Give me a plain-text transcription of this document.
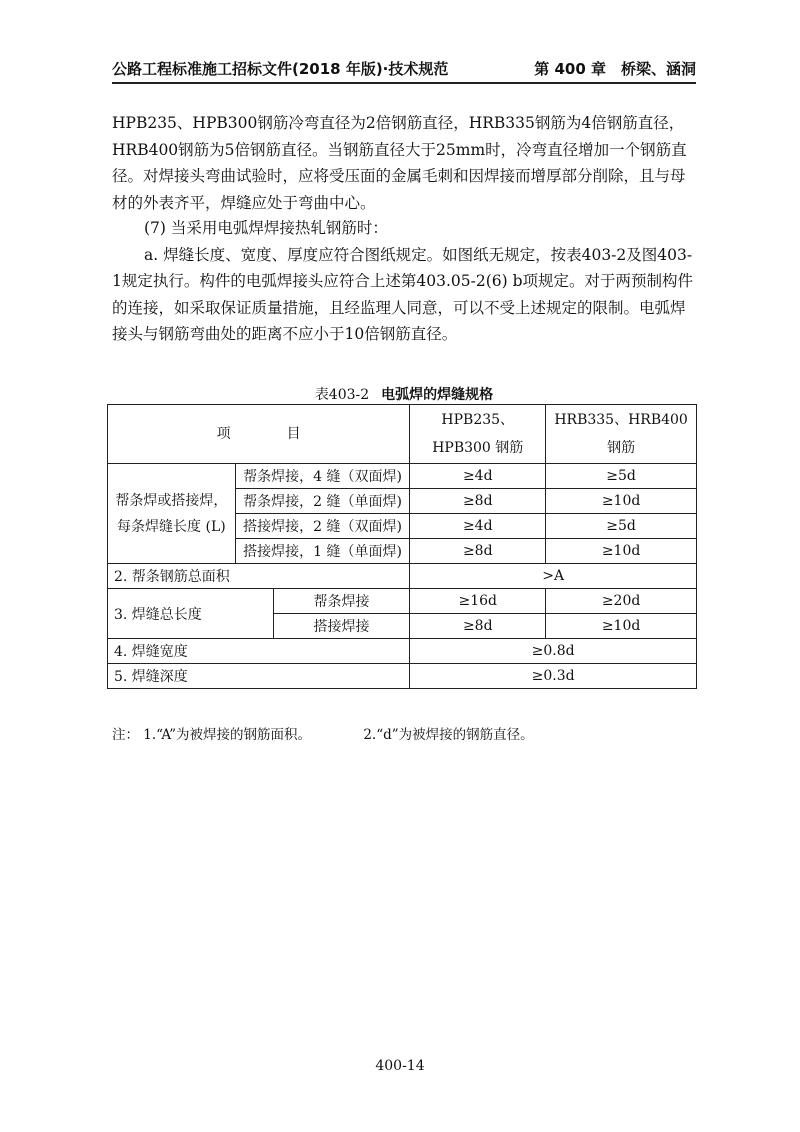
公路工程标准施工招标文件(2018 年版)·技术规范	第 400 章　桥梁、涵洞

HPB235、HPB300钢筋冷弯直径为2倍钢筋直径，HRB335钢筋为4倍钢筋直径，HRB400钢筋为5倍钢筋直径。当钢筋直径大于25mm时，冷弯直径增加一个钢筋直径。对焊接头弯曲试验时，应将受压面的金属毛刺和因焊接而增厚部分削除，且与母材的外表齐平，焊缝应处于弯曲中心。

(7) 当采用电弧焊焊接热轧钢筋时：

a. 焊缝长度、宽度、厚度应符合图纸规定。如图纸无规定，按表403-2及图403-1规定执行。构件的电弧焊接头应符合上述第403.05-2(6) b项规定。对于两预制构件的连接，如采取保证质量措施，且经监理人同意，可以不受上述规定的限制。电弧焊接头与钢筋弯曲处的距离不应小于10倍钢筋直径。

表403-2 电弧焊的焊缝规格
项　　　　目			HPB235、HPB300 钢筋	HRB335、HRB400 钢筋
帮条焊或搭接焊，每条焊缝长度 (L)	帮条焊接，4 缝（双面焊)		≥4d	≥5d
	帮条焊接，2 缝（单面焊)		≥8d	≥10d
	搭接焊接，2 缝（双面焊)		≥4d	≥5d
	搭接焊接，1 缝（单面焊)		≥8d	≥10d
2. 帮条钢筋总面积			>A	
3. 焊缝总长度		帮条焊接	≥16d	≥20d
		搭接焊接	≥8d	≥10d
4. 焊缝宽度			≥0.8d	
5. 焊缝深度			≥0.3d	
注： 1.“A”为被焊接的钢筋面积。	2.“d”为被焊接的钢筋直径。
400-14
